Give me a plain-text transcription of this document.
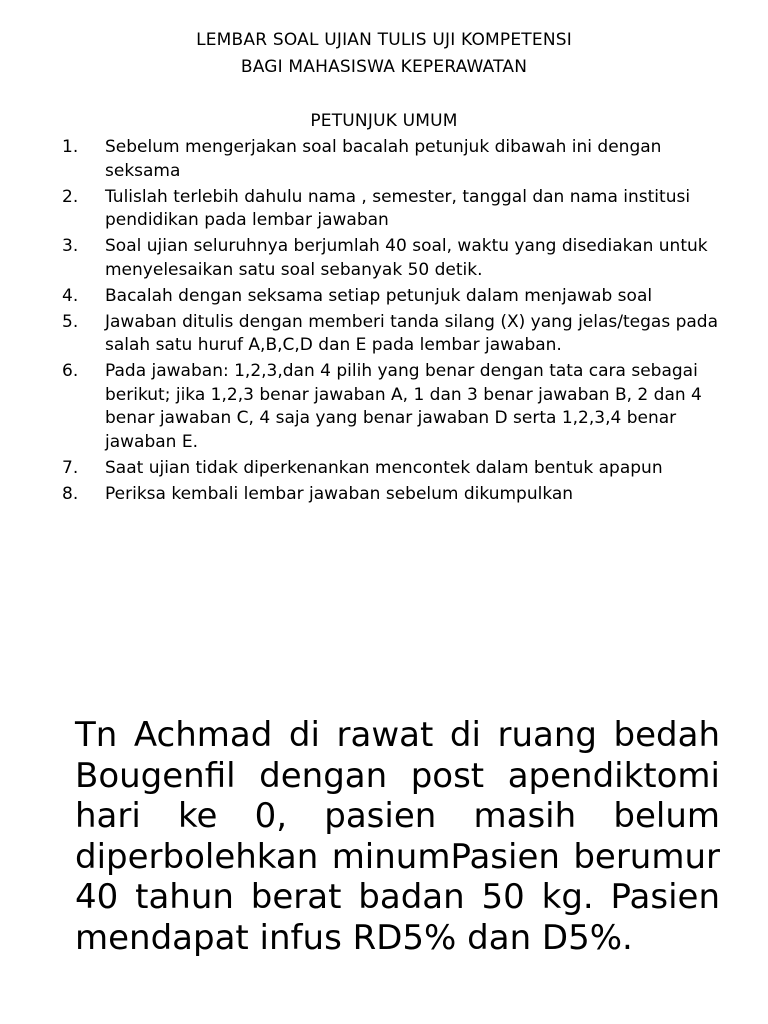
LEMBAR SOAL UJIAN TULIS UJI KOMPETENSI
BAGI MAHASISWA KEPERAWATAN
PETUNJUK UMUM
1.	Sebelum mengerjakan soal bacalah petunjuk dibawah ini dengan seksama
2.	Tulislah terlebih dahulu nama , semester, tanggal dan nama institusi pendidikan pada lembar jawaban
3.	Soal ujian seluruhnya berjumlah 40 soal, waktu yang disediakan untuk menyelesaikan satu soal sebanyak 50 detik.
4.	Bacalah dengan seksama setiap petunjuk dalam menjawab soal
5.	Jawaban ditulis dengan memberi tanda silang (X) yang jelas/tegas pada salah satu huruf A,B,C,D dan E pada lembar jawaban.
6.	Pada jawaban: 1,2,3,dan 4 pilih yang benar dengan tata cara sebagai berikut; jika 1,2,3 benar jawaban A, 1 dan 3 benar jawaban B, 2 dan 4 benar jawaban C, 4 saja yang benar jawaban D serta 1,2,3,4 benar jawaban E.
7.	Saat ujian tidak diperkenankan mencontek dalam bentuk apapun
8.	Periksa kembali lembar jawaban sebelum dikumpulkan

Tn Achmad di rawat di ruang bedah Bougenfil dengan post apendiktomi hari ke 0, pasien masih belum diperbolehkan minumPasien berumur 40 tahun berat badan 50 kg. Pasien mendapat infus RD5% dan D5%.
